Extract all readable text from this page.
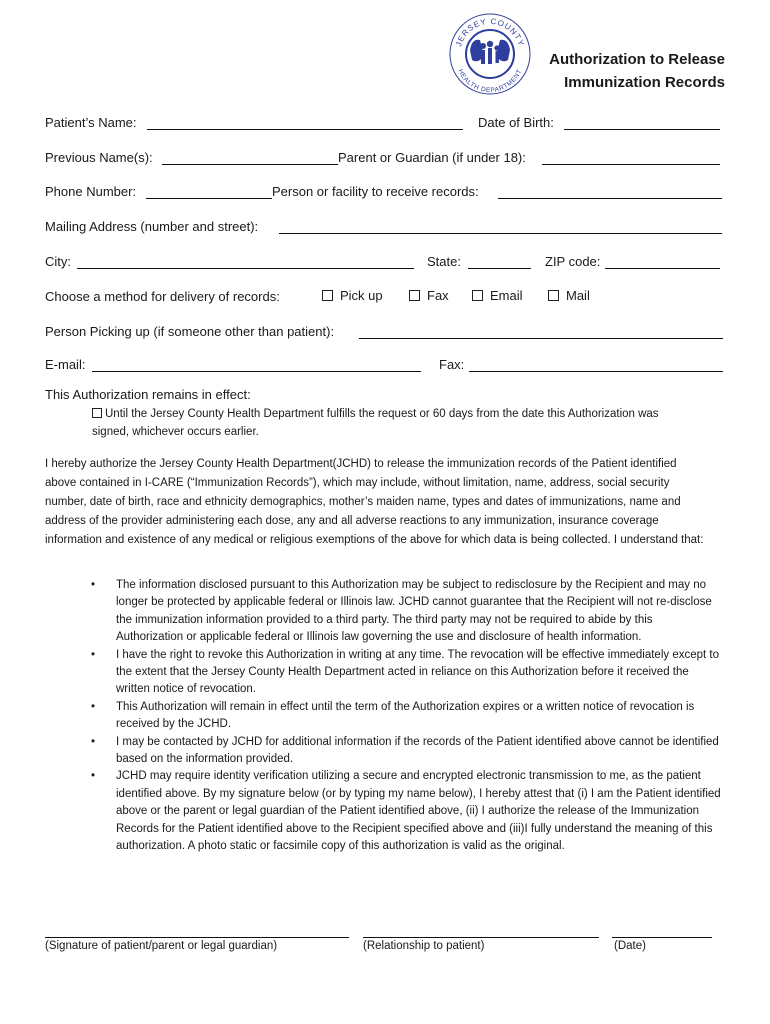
JERSEY COUNTY
HEALTH DEPARTMENT
Authorization to Release
Immunization Records
Patient’s Name:	Date of Birth:
Previous Name(s):	Parent or Guardian (if under 18):
Phone Number:	Person or facility to receive records:
Mailing Address (number and street):
City:	State:	ZIP code:
Choose a method for delivery of records:	Pick up	Fax	Email	Mail
Person Picking up (if someone other than patient):
E-mail:	Fax:
This Authorization remains in effect:
Until the Jersey County Health Department fulfills the request or 60 days from the date this Authorization was
signed, whichever occurs earlier.
I hereby authorize the Jersey County Health Department(JCHD) to release the immunization records of the Patient identified above contained in I-CARE (“Immunization Records”), which may include, without limitation, name, address, social security number, date of birth, race and ethnicity demographics, mother’s maiden name, types and dates of immunizations, name and address of the provider administering each dose, any and all adverse reactions to any immunization, insurance coverage information and existence of any medical or religious exemptions of the above for which data is being collected. I understand that:
• The information disclosed pursuant to this Authorization may be subject to redisclosure by the Recipient and may no longer be protected by applicable federal or Illinois law. JCHD cannot guarantee that the Recipient will not re-disclose the immunization information provided to a third party. The third party may not be required to abide by this Authorization or applicable federal or Illinois law governing the use and disclosure of health information.
• I have the right to revoke this Authorization in writing at any time. The revocation will be effective immediately except to the extent that the Jersey County Health Department acted in reliance on this Authorization before it received the written notice of revocation.
• This Authorization will remain in effect until the term of the Authorization expires or a written notice of revocation is received by the JCHD.
• I may be contacted by JCHD for additional information if the records of the Patient identified above cannot be identified based on the information provided.
• JCHD may require identity verification utilizing a secure and encrypted electronic transmission to me, as the patient identified above. By my signature below (or by typing my name below), I hereby attest that (i) I am the Patient identified above or the parent or legal guardian of the Patient identified above, (ii) I authorize the release of the Immunization Records for the Patient identified above to the Recipient specified above and (iii)I fully understand the meaning of this authorization. A photo static or facsimile copy of this authorization is valid as the original.
(Signature of patient/parent or legal guardian)	(Relationship to patient)	(Date)
